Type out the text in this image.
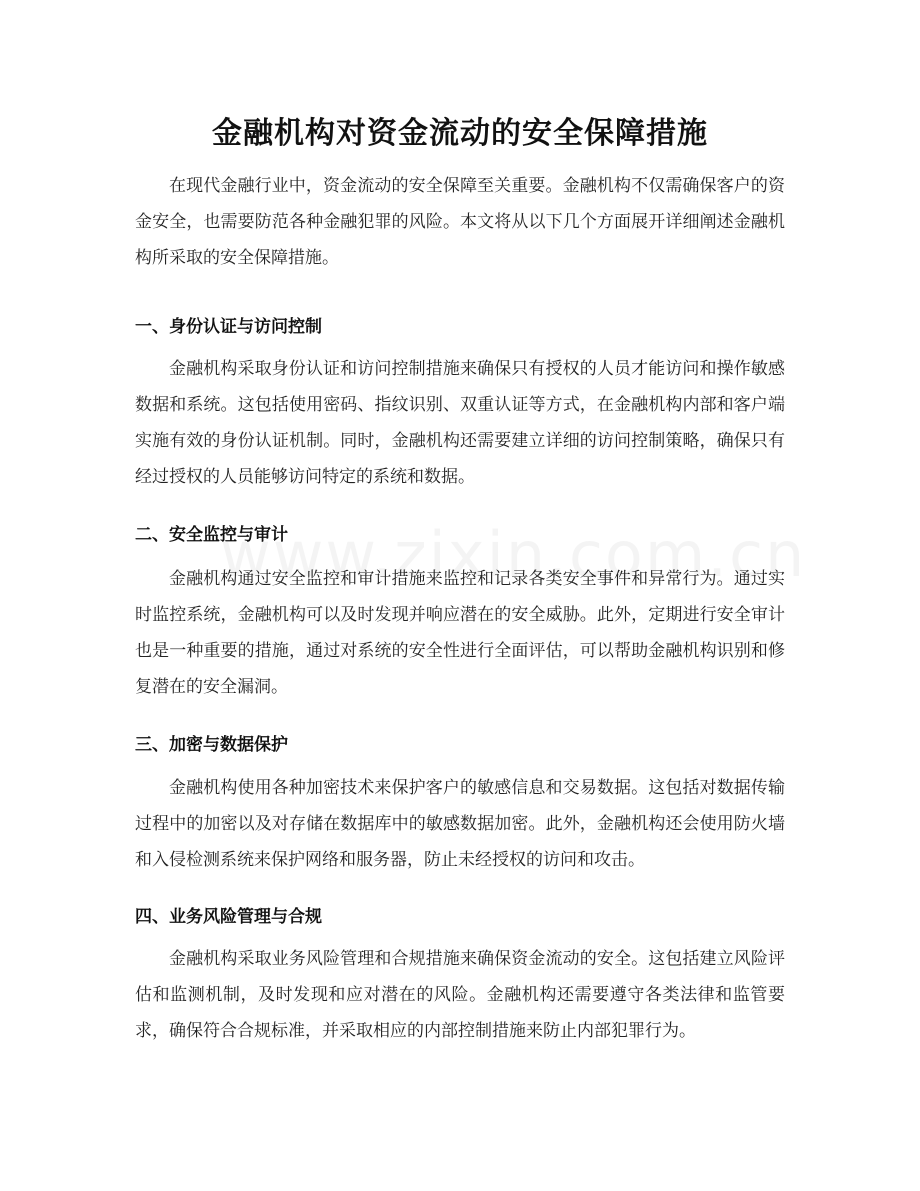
金融机构对资金流动的安全保障措施

在现代金融行业中，资金流动的安全保障至关重要。金融机构不仅需确保客户的资金安全，也需要防范各种金融犯罪的风险。本文将从以下几个方面展开详细阐述金融机构所采取的安全保障措施。

一、身份认证与访问控制

金融机构采取身份认证和访问控制措施来确保只有授权的人员才能访问和操作敏感数据和系统。这包括使用密码、指纹识别、双重认证等方式，在金融机构内部和客户端实施有效的身份认证机制。同时，金融机构还需要建立详细的访问控制策略，确保只有经过授权的人员能够访问特定的系统和数据。

二、安全监控与审计

金融机构通过安全监控和审计措施来监控和记录各类安全事件和异常行为。通过实时监控系统，金融机构可以及时发现并响应潜在的安全威胁。此外，定期进行安全审计也是一种重要的措施，通过对系统的安全性进行全面评估，可以帮助金融机构识别和修复潜在的安全漏洞。

三、加密与数据保护

金融机构使用各种加密技术来保护客户的敏感信息和交易数据。这包括对数据传输过程中的加密以及对存储在数据库中的敏感数据加密。此外，金融机构还会使用防火墙和入侵检测系统来保护网络和服务器，防止未经授权的访问和攻击。

四、业务风险管理与合规

金融机构采取业务风险管理和合规措施来确保资金流动的安全。这包括建立风险评估和监测机制，及时发现和应对潜在的风险。金融机构还需要遵守各类法律和监管要求，确保符合合规标准，并采取相应的内部控制措施来防止内部犯罪行为。
